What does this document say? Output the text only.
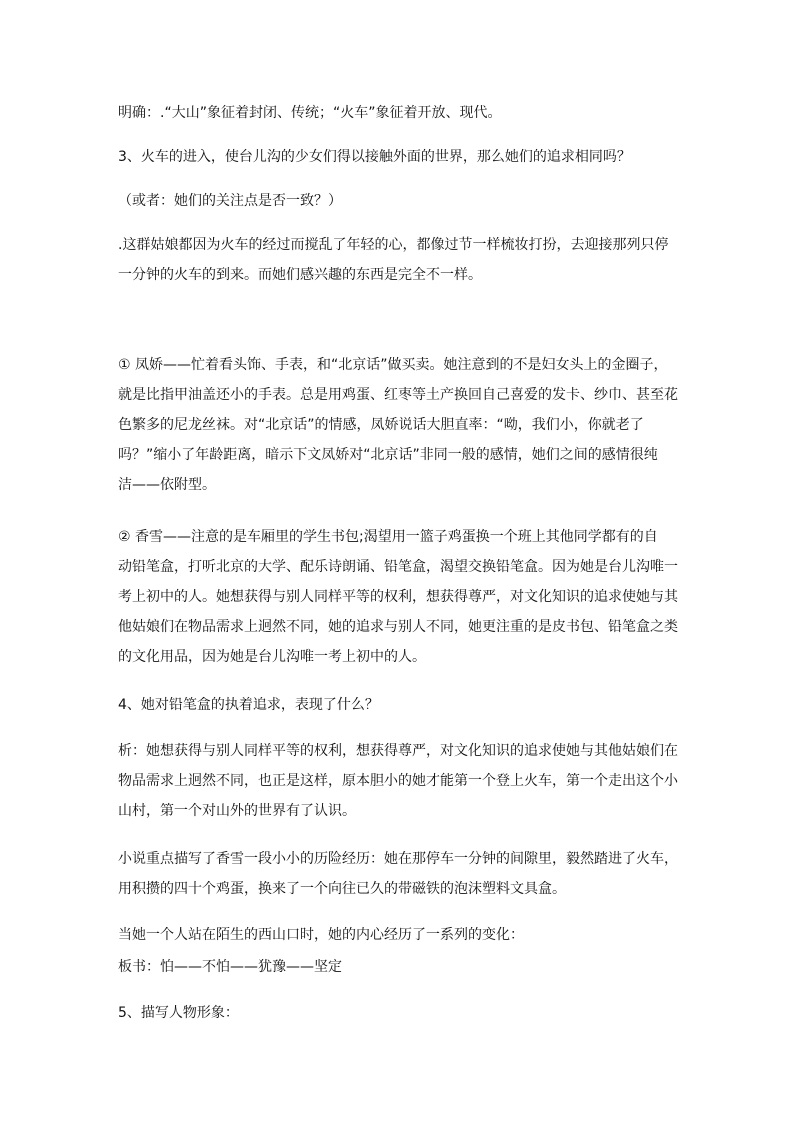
明确：.“大山”象征着封闭、传统；“火车”象征着开放、现代。
3、火车的进入，使台儿沟的少女们得以接触外面的世界，那么她们的追求相同吗？
（或者：她们的关注点是否一致？）
.这群姑娘都因为火车的经过而搅乱了年轻的心，都像过节一样梳妆打扮，去迎接那列只停
一分钟的火车的到来。而她们感兴趣的东西是完全不一样。
① 凤娇——忙着看头饰、手表，和“北京话”做买卖。她注意到的不是妇女头上的金圈子，
就是比指甲油盖还小的手表。总是用鸡蛋、红枣等土产换回自己喜爱的发卡、纱巾、甚至花
色繁多的尼龙丝袜。对“北京话”的情感，凤娇说话大胆直率：“呦，我们小，你就老了
吗？”缩小了年龄距离，暗示下文凤娇对“北京话”非同一般的感情，她们之间的感情很纯
洁——依附型。
② 香雪——注意的是车厢里的学生书包;渴望用一篮子鸡蛋换一个班上其他同学都有的自
动铅笔盒，打听北京的大学、配乐诗朗诵、铅笔盒，渴望交换铅笔盒。因为她是台儿沟唯一
考上初中的人。她想获得与别人同样平等的权利，想获得尊严，对文化知识的追求使她与其
他姑娘们在物品需求上迥然不同，她的追求与别人不同，她更注重的是皮书包、铅笔盒之类
的文化用品，因为她是台儿沟唯一考上初中的人。
4、她对铅笔盒的执着追求，表现了什么？
析：她想获得与别人同样平等的权利，想获得尊严，对文化知识的追求使她与其他姑娘们在
物品需求上迥然不同，也正是这样，原本胆小的她才能第一个登上火车，第一个走出这个小
山村，第一个对山外的世界有了认识。
小说重点描写了香雪一段小小的历险经历：她在那停车一分钟的间隙里，毅然踏进了火车，
用积攒的四十个鸡蛋，换来了一个向往已久的带磁铁的泡沫塑料文具盒。
当她一个人站在陌生的西山口时，她的内心经历了一系列的变化：
板书：怕——不怕——犹豫——坚定
5、描写人物形象：
